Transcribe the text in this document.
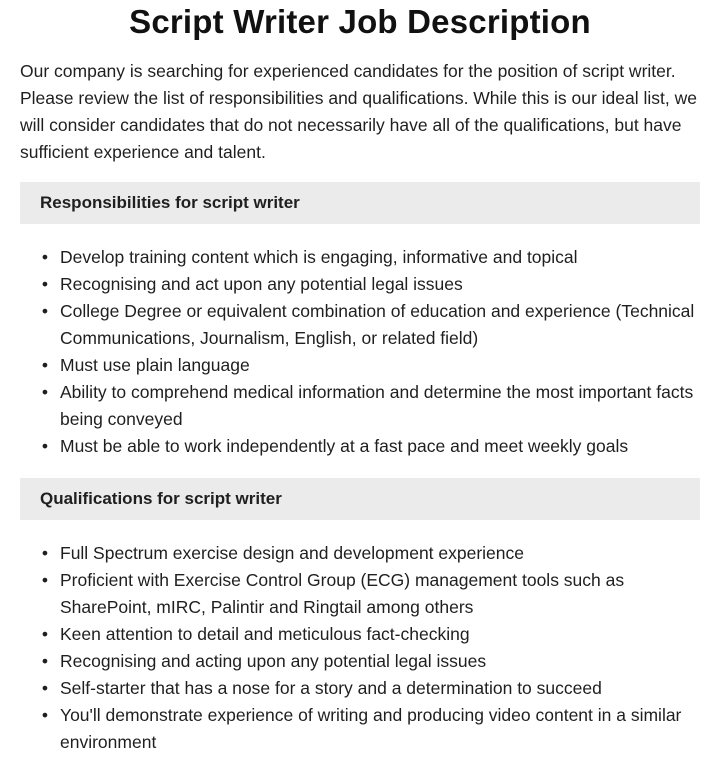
Script Writer Job Description

Our company is searching for experienced candidates for the position of script writer. Please review the list of responsibilities and qualifications. While this is our ideal list, we will consider candidates that do not necessarily have all of the qualifications, but have sufficient experience and talent.

Responsibilities for script writer
• Develop training content which is engaging, informative and topical
• Recognising and act upon any potential legal issues
• College Degree or equivalent combination of education and experience (Technical Communications, Journalism, English, or related field)
• Must use plain language
• Ability to comprehend medical information and determine the most important facts being conveyed
• Must be able to work independently at a fast pace and meet weekly goals
Qualifications for script writer
• Full Spectrum exercise design and development experience
• Proficient with Exercise Control Group (ECG) management tools such as SharePoint, mIRC, Palintir and Ringtail among others
• Keen attention to detail and meticulous fact-checking
• Recognising and acting upon any potential legal issues
• Self-starter that has a nose for a story and a determination to succeed
• You'll demonstrate experience of writing and producing video content in a similar environment
